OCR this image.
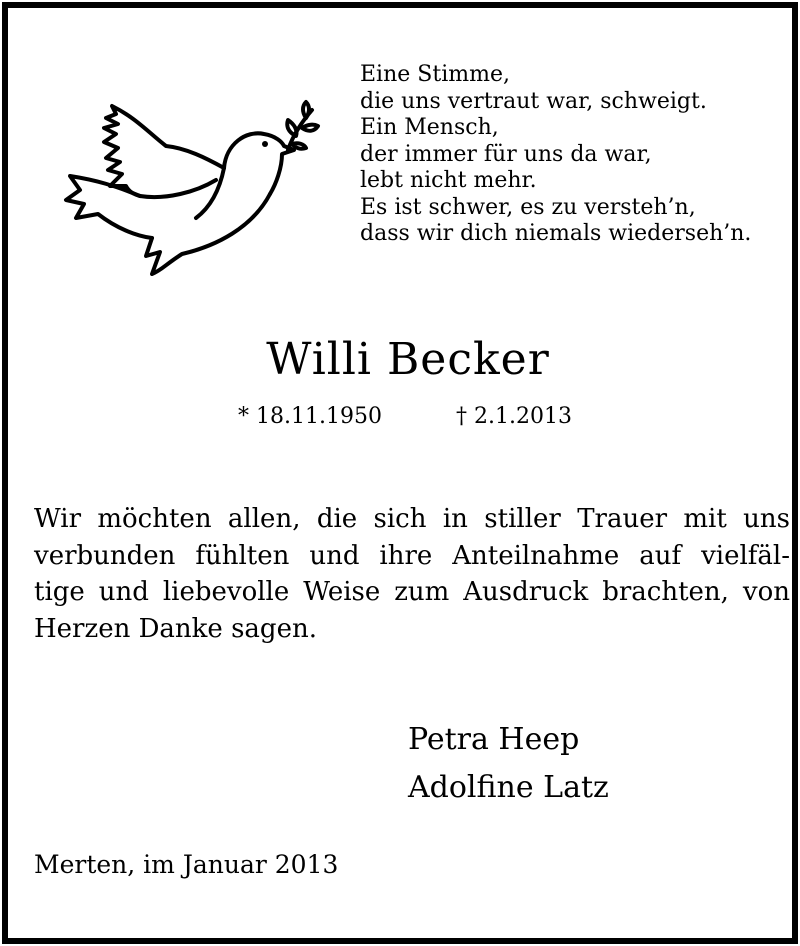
Eine Stimme,
die uns vertraut war, schweigt.
Ein Mensch,
der immer für uns da war,
lebt nicht mehr.
Es ist schwer, es zu versteh’n,
dass wir dich niemals wiederseh’n.
Willi Becker
* 18.11.1950	† 2.1.2013
Wir möchten allen, die sich in stiller Trauer mit uns
verbunden fühlten und ihre Anteilnahme auf vielfäl-
tige und liebevolle Weise zum Ausdruck brachten, von
Herzen Danke sagen.
Petra Heep
Adolfine Latz
Merten, im Januar 2013
